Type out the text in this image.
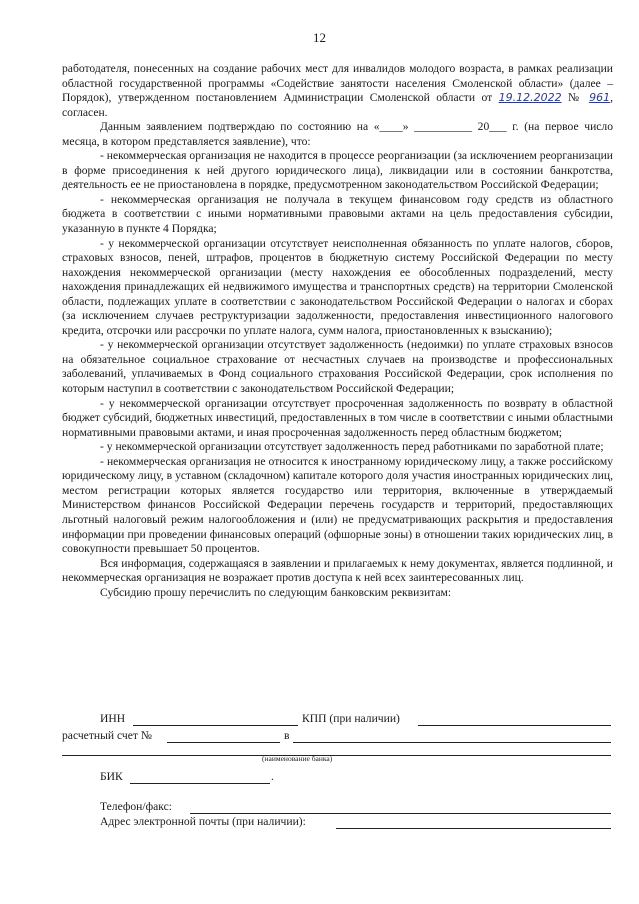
12

работодателя, понесенных на создание рабочих мест для инвалидов молодого возраста, в рамках реализации областной государственной программы «Содействие занятости населения Смоленской области» (далее – Порядок), утвержденном постановлением Администрации Смоленской области от 19.12.2022 № 961, согласен.

Данным заявлением подтверждаю по состоянию на «____» __________ 20___ г. (на первое число месяца, в котором представляется заявление), что:

- некоммерческая организация не находится в процессе реорганизации (за исключением реорганизации в форме присоединения к ней другого юридического лица), ликвидации или в состоянии банкротства, деятельность ее не приостановлена в порядке, предусмотренном законодательством Российской Федерации;

- некоммерческая организация не получала в текущем финансовом году средств из областного бюджета в соответствии с иными нормативными правовыми актами на цель предоставления субсидии, указанную в пункте 4 Порядка;

- у некоммерческой организации отсутствует неисполненная обязанность по уплате налогов, сборов, страховых взносов, пеней, штрафов, процентов в бюджетную систему Российской Федерации по месту нахождения некоммерческой организации (месту нахождения ее обособленных подразделений, месту нахождения принадлежащих ей недвижимого имущества и транспортных средств) на территории Смоленской области, подлежащих уплате в соответствии с законодательством Российской Федерации о налогах и сборах (за исключением случаев реструктуризации задолженности, предоставления инвестиционного налогового кредита, отсрочки или рассрочки по уплате налога, сумм налога, приостановленных к взысканию);

- у некоммерческой организации отсутствует задолженность (недоимки) по уплате страховых взносов на обязательное социальное страхование от несчастных случаев на производстве и профессиональных заболеваний, уплачиваемых в Фонд социального страхования Российской Федерации, срок исполнения по которым наступил в соответствии с законодательством Российской Федерации;

- у некоммерческой организации отсутствует просроченная задолженность по возврату в областной бюджет субсидий, бюджетных инвестиций, предоставленных в том числе в соответствии с иными областными нормативными правовыми актами, и иная просроченная задолженность перед областным бюджетом;

- у некоммерческой организации отсутствует задолженность перед работниками по заработной плате;

- некоммерческая организация не относится к иностранному юридическому лицу, а также российскому юридическому лицу, в уставном (складочном) капитале которого доля участия иностранных юридических лиц, местом регистрации которых является государство или территория, включенные в утверждаемый Министерством финансов Российской Федерации перечень государств и территорий, предоставляющих льготный налоговый режим налогообложения и (или) не предусматривающих раскрытия и предоставления информации при проведении финансовых операций (офшорные зоны) в отношении таких юридических лиц, в совокупности превышает 50 процентов.

Вся информация, содержащаяся в заявлении и прилагаемых к нему документах, является подлинной, и некоммерческая организация не возражает против доступа к ней всех заинтересованных лиц.

Субсидию прошу перечислить по следующим банковским реквизитам:

ИНН	КПП (при наличии)
расчетный счет №	в
(наименование банка)
БИК	.
Телефон/факс:
Адрес электронной почты (при наличии):
